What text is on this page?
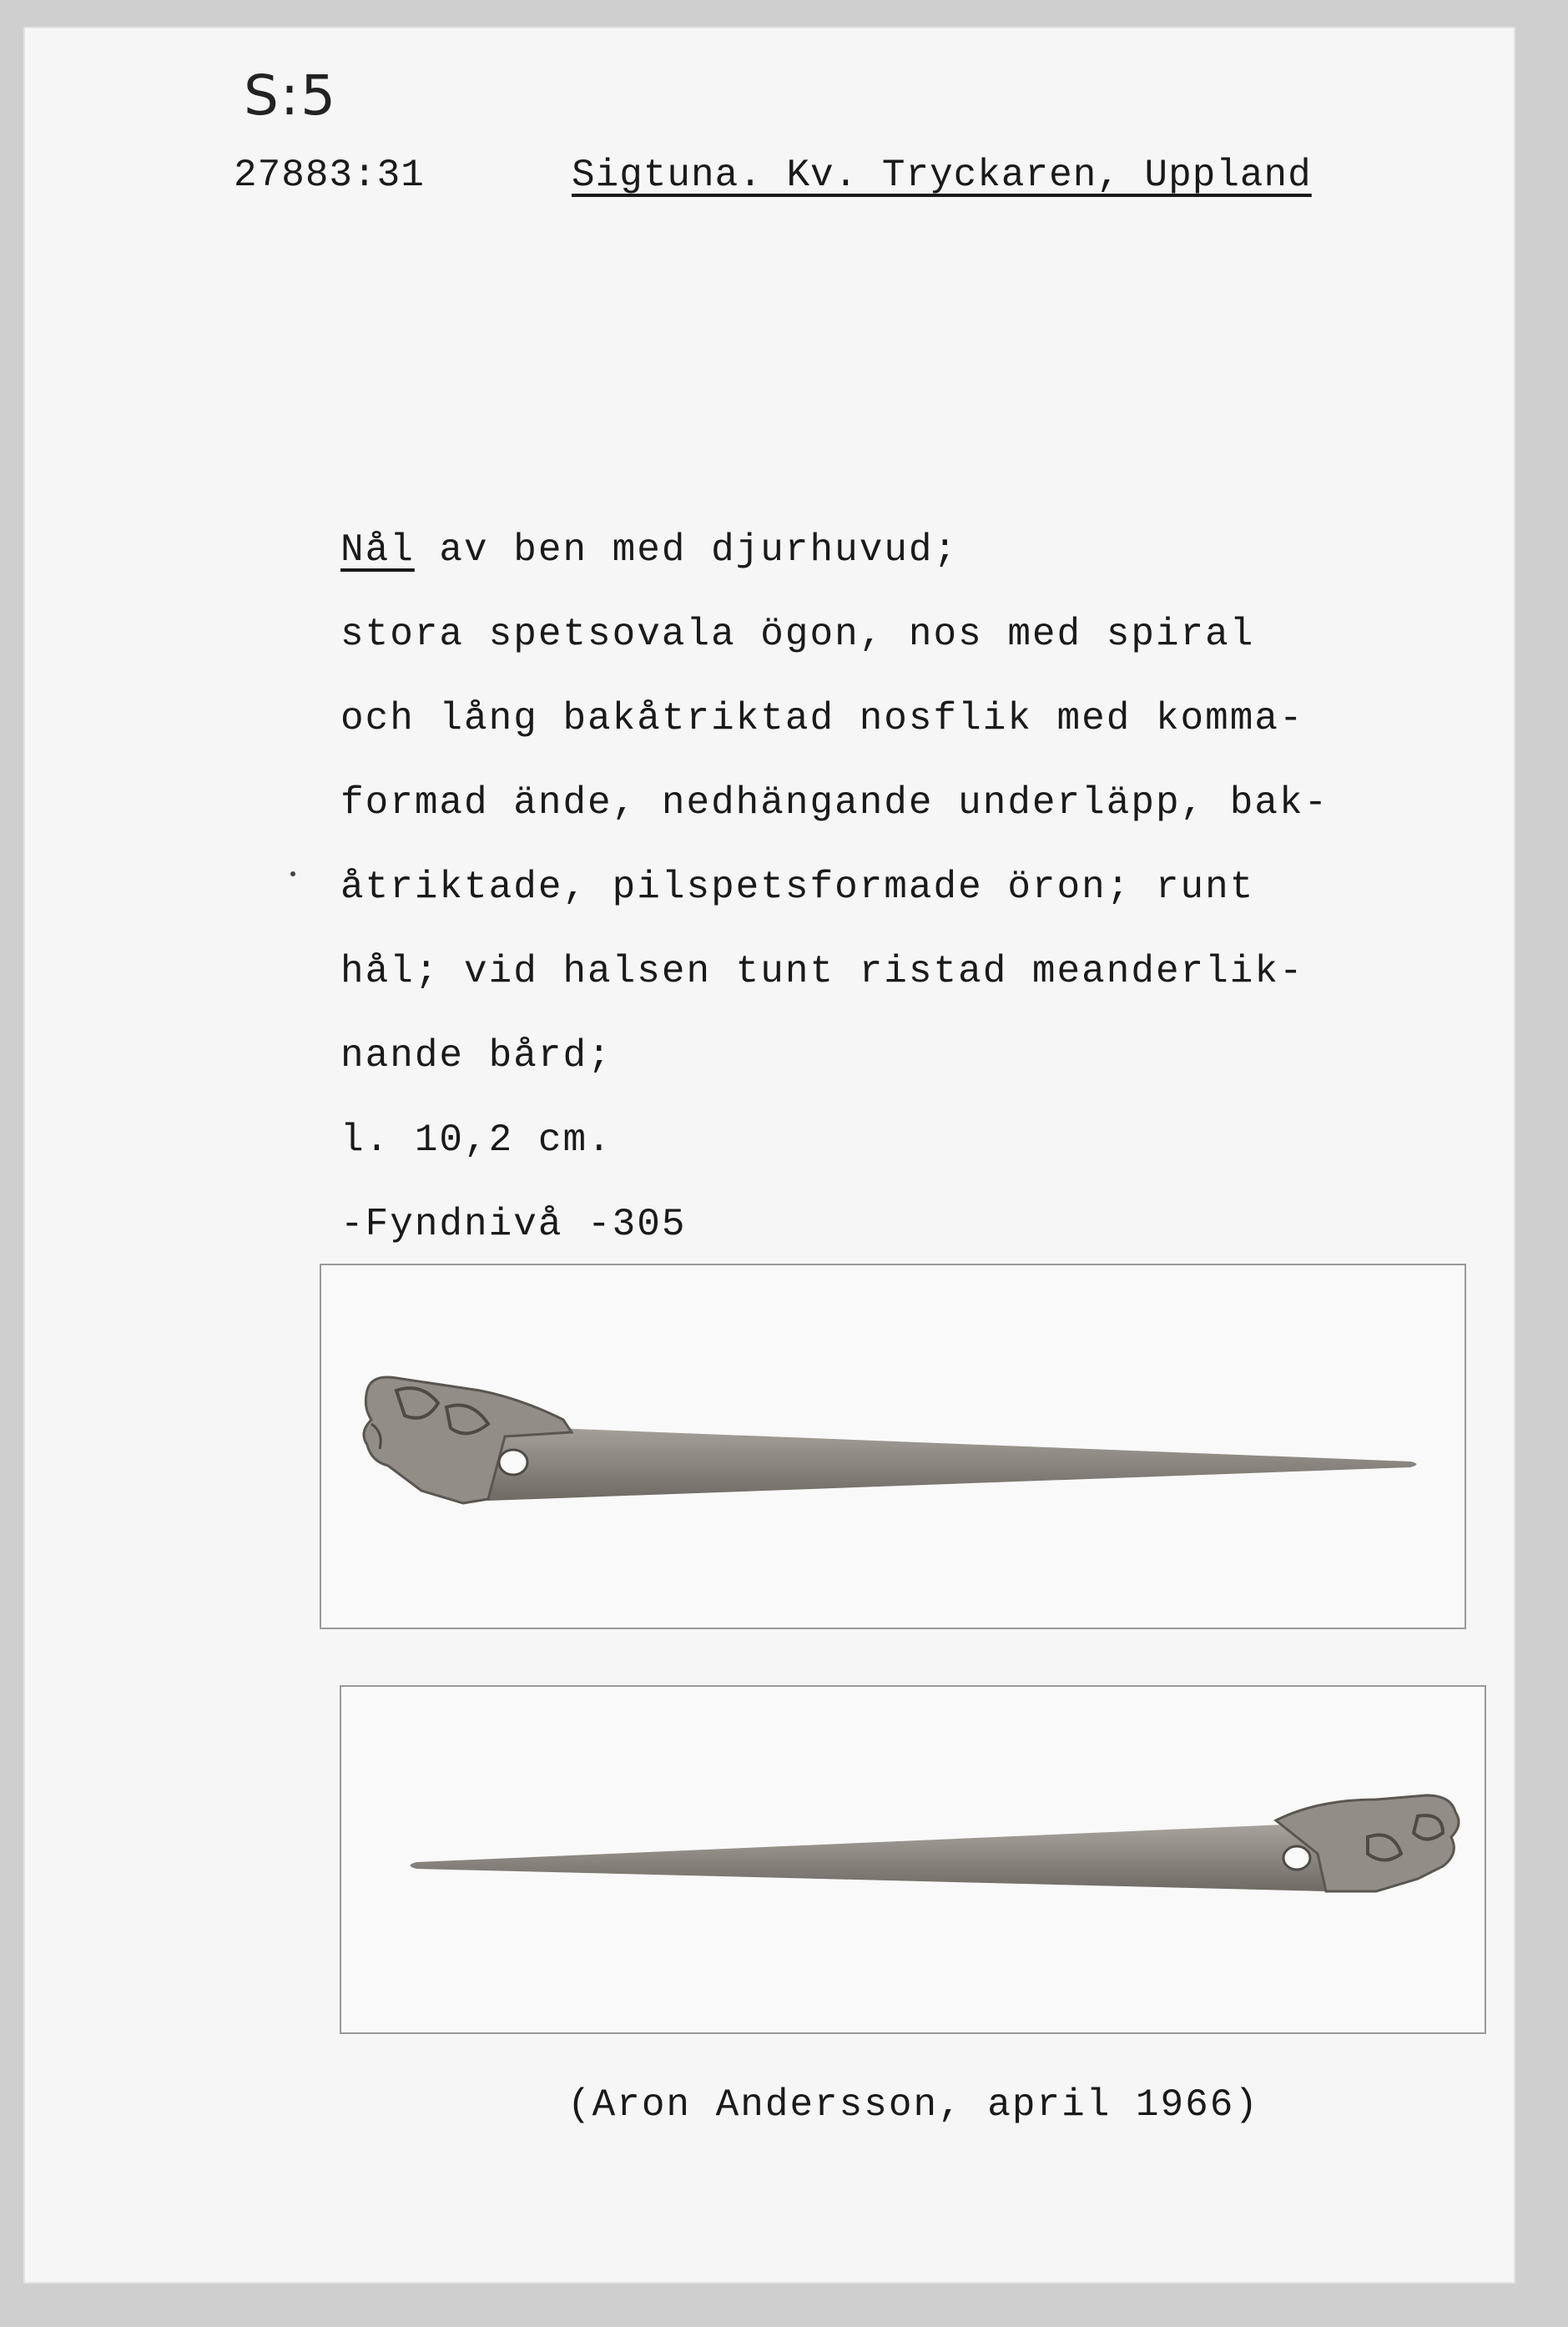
S:5
27883:31	Sigtuna. Kv. Tryckaren, Uppland
Nål av ben med djurhuvud;
stora spetsovala ögon, nos med spiral
och lång bakåtriktad nosflik med komma-
formad ände, nedhängande underläpp, bak-
åtriktade, pilspetsformade öron; runt
hål; vid halsen tunt ristad meanderlik-
nande bård;
l. 10,2 cm.
-Fyndnivå -305
(Aron Andersson, april 1966)
